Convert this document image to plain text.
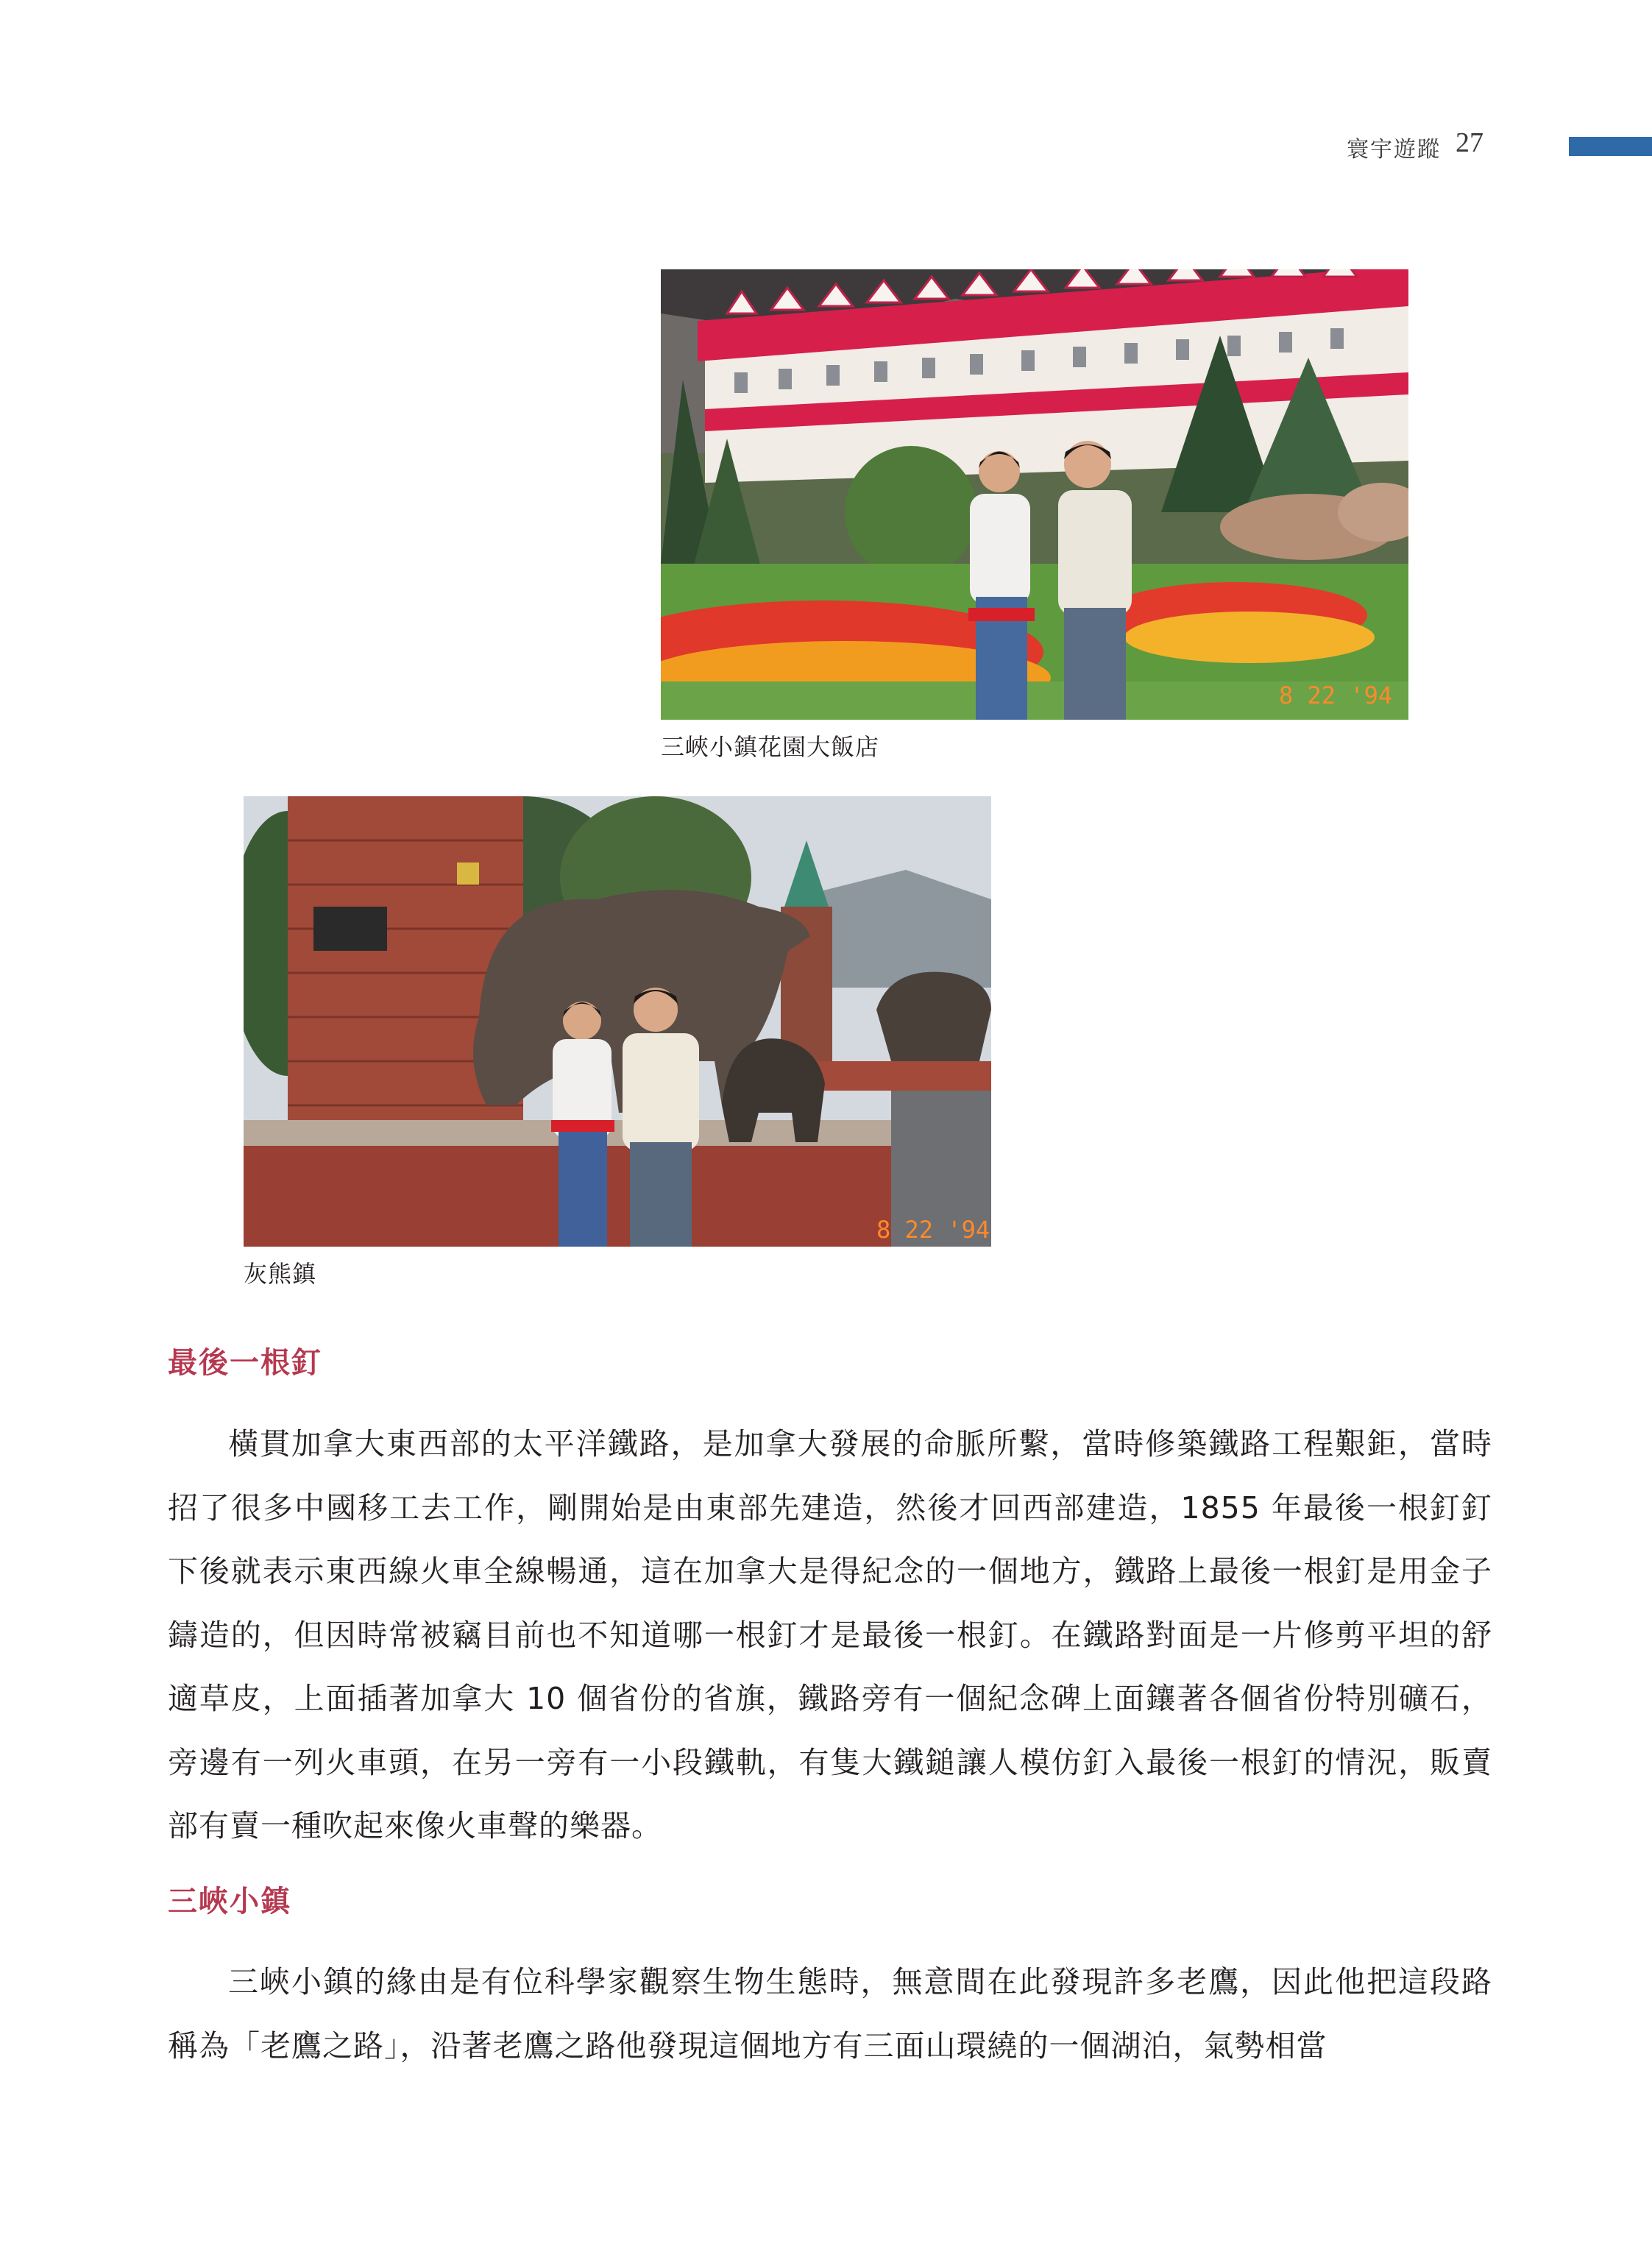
寰宇遊蹤 27
8 22 '94
三峽小鎮花園大飯店
8 22 '94
灰熊鎮
最後一根釘

橫貫加拿大東西部的太平洋鐵路，是加拿大發展的命脈所繫，當時修築鐵路工程艱鉅，當時招了很多中國移工去工作，剛開始是由東部先建造，然後才回西部建造，1855 年最後一根釘釘下後就表示東西線火車全線暢通，這在加拿大是得紀念的一個地方，鐵路上最後一根釘是用金子鑄造的，但因時常被竊目前也不知道哪一根釘才是最後一根釘。在鐵路對面是一片修剪平坦的舒適草皮，上面插著加拿大 10 個省份的省旗，鐵路旁有一個紀念碑上面鑲著各個省份特別礦石，旁邊有一列火車頭，在另一旁有一小段鐵軌，有隻大鐵鎚讓人模仿釘入最後一根釘的情況，販賣部有賣一種吹起來像火車聲的樂器。

三峽小鎮

三峽小鎮的緣由是有位科學家觀察生物生態時，無意間在此發現許多老鷹，因此他把這段路稱為「老鷹之路」，沿著老鷹之路他發現這個地方有三面山環繞的一個湖泊，氣勢相當
